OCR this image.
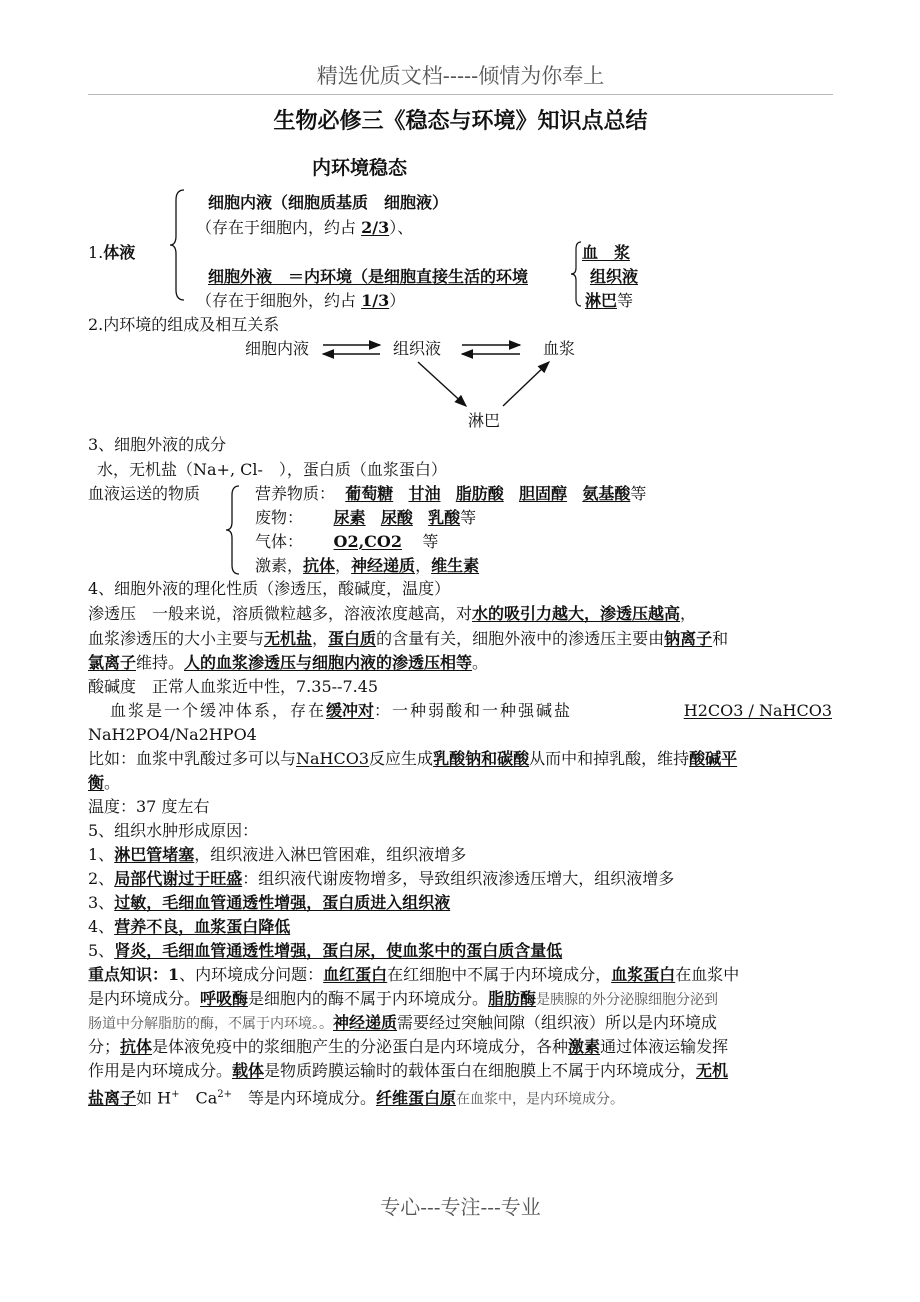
精选优质文档-----倾情为你奉上
生物必修三《稳态与环境》知识点总结
内环境稳态
1.体液
细胞内液（细胞质基质　细胞液）
（存在于细胞内，约占 2/3）、
细胞外液　＝内环境（是细胞直接生活的环境
（存在于细胞外，约占 1/3）
血　浆
组织液
淋巴等
2.内环境的组成及相互关系
细胞内液	组织液	血浆
淋巴
3、细胞外液的成分
水，无机盐（Na+, Cl-　），蛋白质（血浆蛋白）
血液运送的物质	营养物质： 葡萄糖 甘油 脂肪酸 胆固醇 氨基酸等
废物： 尿素 尿酸 乳酸等
气体： O2,CO2 等
激素，抗体，神经递质，维生素
4、细胞外液的理化性质（渗透压，酸碱度，温度）
渗透压　一般来说，溶质微粒越多，溶液浓度越高，对水的吸引力越大，渗透压越高，
血浆渗透压的大小主要与无机盐，蛋白质的含量有关，细胞外液中的渗透压主要由钠离子和
氯离子维持。人的血浆渗透压与细胞内液的渗透压相等。
酸碱度　正常人血浆近中性，7.35--7.45
血浆是一个缓冲体系，存在缓冲对：一种弱酸和一种强碱盐	H2CO3 / NaHCO3
NaH2PO4/Na2HPO4
比如：血浆中乳酸过多可以与NaHCO3反应生成乳酸钠和碳酸从而中和掉乳酸，维持酸碱平
衡。
温度：37 度左右
5、组织水肿形成原因：
1、淋巴管堵塞，组织液进入淋巴管困难，组织液增多
2、局部代谢过于旺盛：组织液代谢废物增多，导致组织液渗透压增大，组织液增多
3、过敏，毛细血管通透性增强，蛋白质进入组织液
4、营养不良，血浆蛋白降低
5、肾炎，毛细血管通透性增强，蛋白尿，使血浆中的蛋白质含量低
重点知识：1、内环境成分问题：血红蛋白在红细胞中不属于内环境成分，血浆蛋白在血浆中
是内环境成分。呼吸酶是细胞内的酶不属于内环境成分。脂肪酶是胰腺的外分泌腺细胞分泌到
肠道中分解脂肪的酶，不属于内环境。。神经递质需要经过突触间隙（组织液）所以是内环境成
分；抗体是体液免疫中的浆细胞产生的分泌蛋白是内环境成分，各种激素通过体液运输发挥
作用是内环境成分。载体是物质跨膜运输时的载体蛋白在细胞膜上不属于内环境成分，无机
盐离子如 H+　$Ca^{2+}$　等是内环境成分。纤维蛋白原在血浆中，是内环境成分。
专心---专注---专业
